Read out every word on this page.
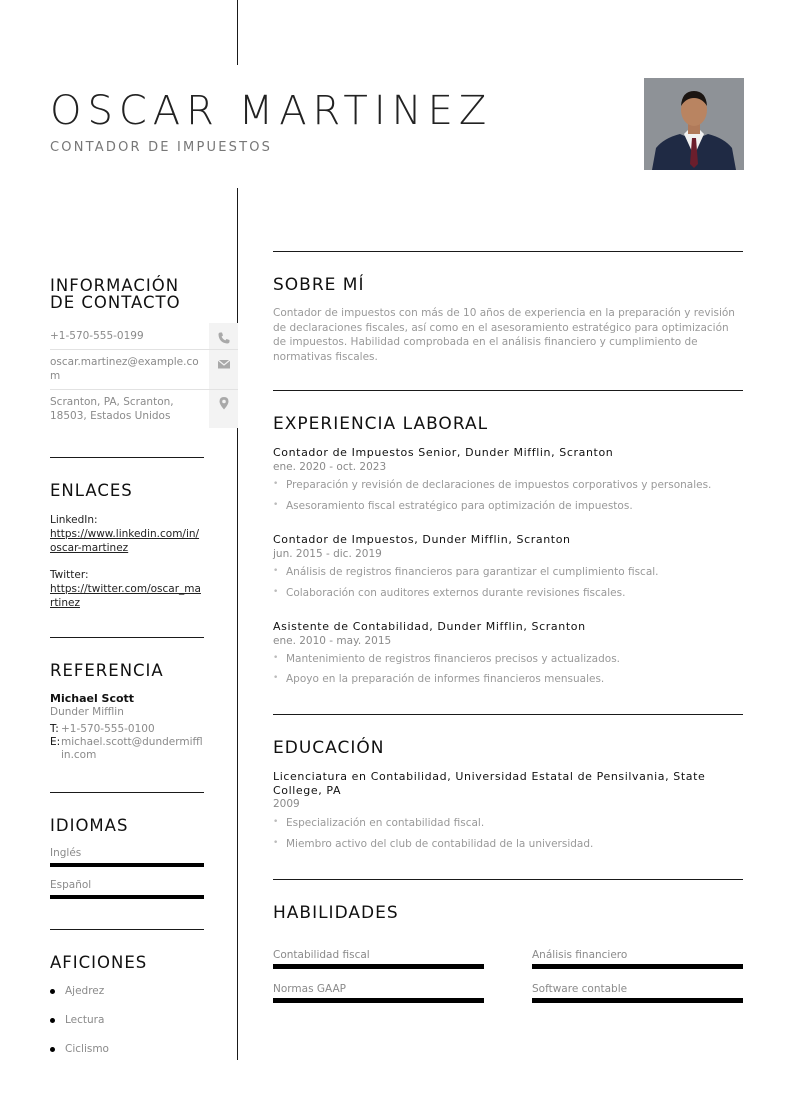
OSCAR MARTINEZ
CONTADOR DE IMPUESTOS
INFORMACIÓN
DE CONTACTO
+1-570-555-0199
oscar.martinez@example.com
Scranton, PA, Scranton, 18503, Estados Unidos
ENLACES
LinkedIn:
https://www.linkedin.com/in/oscar-martinez
Twitter:
https://twitter.com/oscar_martinez
REFERENCIA
Michael Scott
Dunder Mifflin
T: +1-570-555-0100
E: michael.scott@dundermifflin.com
IDIOMAS
Inglés
Español
AFICIONES
Ajedrez
Lectura
Ciclismo
SOBRE MÍ
Contador de impuestos con más de 10 años de experiencia en la preparación y revisión de declaraciones fiscales, así como en el asesoramiento estratégico para optimización de impuestos. Habilidad comprobada en el análisis financiero y cumplimiento de normativas fiscales.
EXPERIENCIA LABORAL
Contador de Impuestos Senior, Dunder Mifflin, Scranton
ene. 2020 - oct. 2023
• Preparación y revisión de declaraciones de impuestos corporativos y personales.
• Asesoramiento fiscal estratégico para optimización de impuestos.
Contador de Impuestos, Dunder Mifflin, Scranton
jun. 2015 - dic. 2019
• Análisis de registros financieros para garantizar el cumplimiento fiscal.
• Colaboración con auditores externos durante revisiones fiscales.
Asistente de Contabilidad, Dunder Mifflin, Scranton
ene. 2010 - may. 2015
• Mantenimiento de registros financieros precisos y actualizados.
• Apoyo en la preparación de informes financieros mensuales.
EDUCACIÓN
Licenciatura en Contabilidad, Universidad Estatal de Pensilvania, State College, PA
2009
• Especialización en contabilidad fiscal.
• Miembro activo del club de contabilidad de la universidad.
HABILIDADES
Contabilidad fiscal	Análisis financiero
Normas GAAP	Software contable
